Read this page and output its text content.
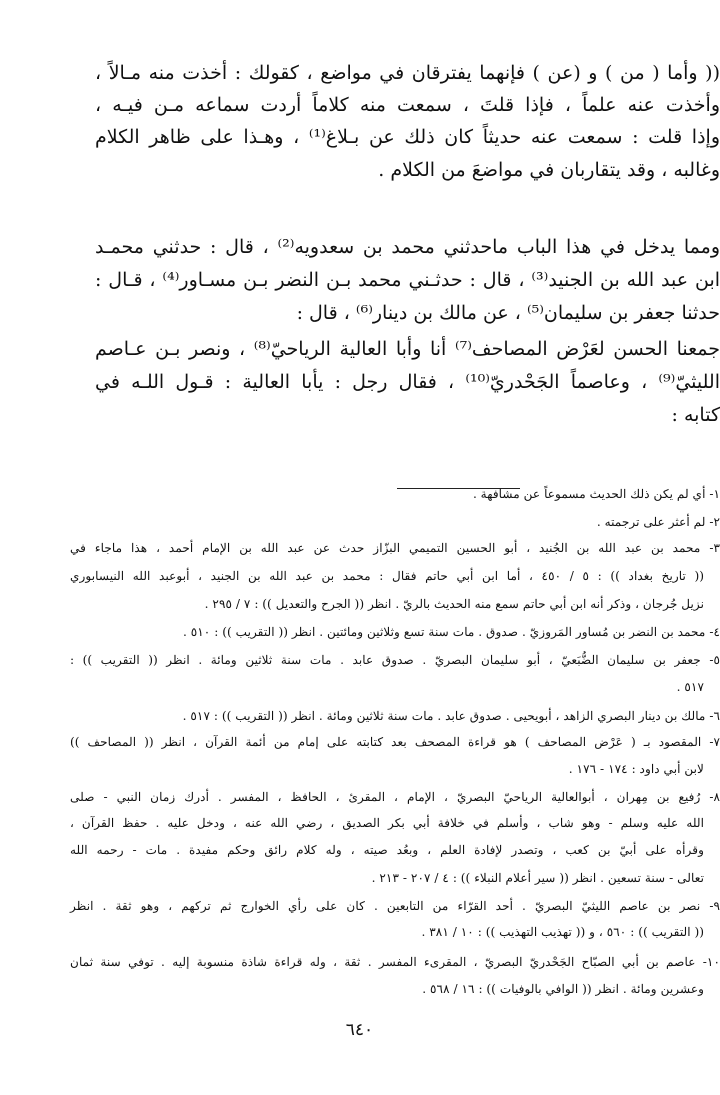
(( وأما ( من ) و (عن ) فإنهما يفترقان في مواضع ، كقولك : أخذت منه مـالاً ،
وأخذت عنه علماً ، فإذا قلتَ ، سمعت منه كلاماً أردت سماعه مـن فيـه ،
وإذا قلت : سمعت عنه حديثاً كان ذلك عن بـلاغ⁽¹⁾ ، وهـذا على ظاهر الكلام
وغالبه ، وقد يتقاربان في مواضعَ من الكلام .
ومما يدخل في هذا الباب ماحدثني محمد بن سعدويه⁽²⁾ ، قال : حدثني محمـد
ابن عبد الله بن الجنيد⁽³⁾ ، قال : حدثـني محمد بـن النضر بـن مسـاور⁽⁴⁾ ، قـال :
حدثنا جعفر بن سليمان⁽⁵⁾ ، عن مالك بن دينار⁽⁶⁾ ، قال :
جمعنا الحسن لعَرْض المصاحف⁽⁷⁾ أنا وأبا العالية الرياحيّ⁽⁸⁾ ، ونصر بـن عـاصم
الليثيّ⁽⁹⁾ ، وعاصماً الجَحْدريّ⁽¹⁰⁾ ، فقال رجل : يأبا العالية : قـول اللـه في
كتابه :
١- أي لم يكن ذلك الحديث مسموعاً عن مشافهة .
٢- لم أعثر على ترجمته .
٣- محمد بن عبد الله بن الجُنيد ، أبو الحسين التميمي البزّاز حدث عن عبد الله بن الإمام أحمد ، هذا ماجاء في
(( تاريخ بغداد )) : ٥ / ٤٥٠ ، أما ابن أبي حاتم فقال : محمد بن عبد الله بن الجنيد ، أبوعبد الله النيسابوري
نزيل جُرجان ، وذكر أنه ابن أبي حاتم سمع منه الحديث بالريّ . انظر (( الجرح والتعديل )) : ٧ / ٢٩٥ .
٤- محمد بن النضر بن مُساور المَروزيّ . صدوق . مات سنة تسع وثلاثين ومائتين . انظر (( التقريب )) : ٥١٠ .
٥- جعفر بن سليمان الضُّبَعيّ ، أبو سليمان البصريّ . صدوق عابد . مات سنة ثلاثين ومائة . انظر (( التقريب )) :
٥١٧ .
٦- مالك بن دينار البصري الزاهد ، أبويحيى . صدوق عابد . مات سنة ثلاثين ومائة . انظر (( التقريب )) : ٥١٧ .
٧- المقصود بـ ( عَرْض المصاحف ) هو قراءة المصحف بعد كتابته على إمام من أئمة القرآن ، انظر (( المصاحف ))
لابن أبي داود : ١٧٤ - ١٧٦ .
٨- رُفيع بن مِهران ، أبوالعالية الرياحيّ البصريّ ، الإمام ، المقرئ ، الحافظ ، المفسر . أدرك زمان النبي - صلى
الله عليه وسلم - وهو شاب ، وأسلم في خلافة أبي بكر الصديق ، رضي الله عنه ، ودخل عليه . حفظ القرآن ،
وقرأه على أبيّ بن كعب ، وتصدر لإفادة العلم ، وبعُد صيته ، وله كلام رائق وحكم مفيدة . مات - رحمه الله
تعالى - سنة تسعين . انظر (( سير أعلام النبلاء )) : ٤ / ٢٠٧ - ٢١٣ .
٩- نصر بن عاصم الليثيّ البصريّ . أحد القرّاء من التابعين . كان على رأي الخوارج ثم تركهم ، وهو ثقة . انظر
(( التقريب )) : ٥٦٠ ، و (( تهذيب التهذيب )) : ١٠ / ٣٨١ .
١٠- عاصم بن أبي الصبّاح الجَحْدريّ البصريّ ، المقرىء المفسر . ثقة ، وله قراءة شاذة منسوبة إليه . توفي سنة ثمان
وعشرين ومائة . انظر (( الوافي بالوفيات )) : ١٦ / ٥٦٨ .
٦٤٠
